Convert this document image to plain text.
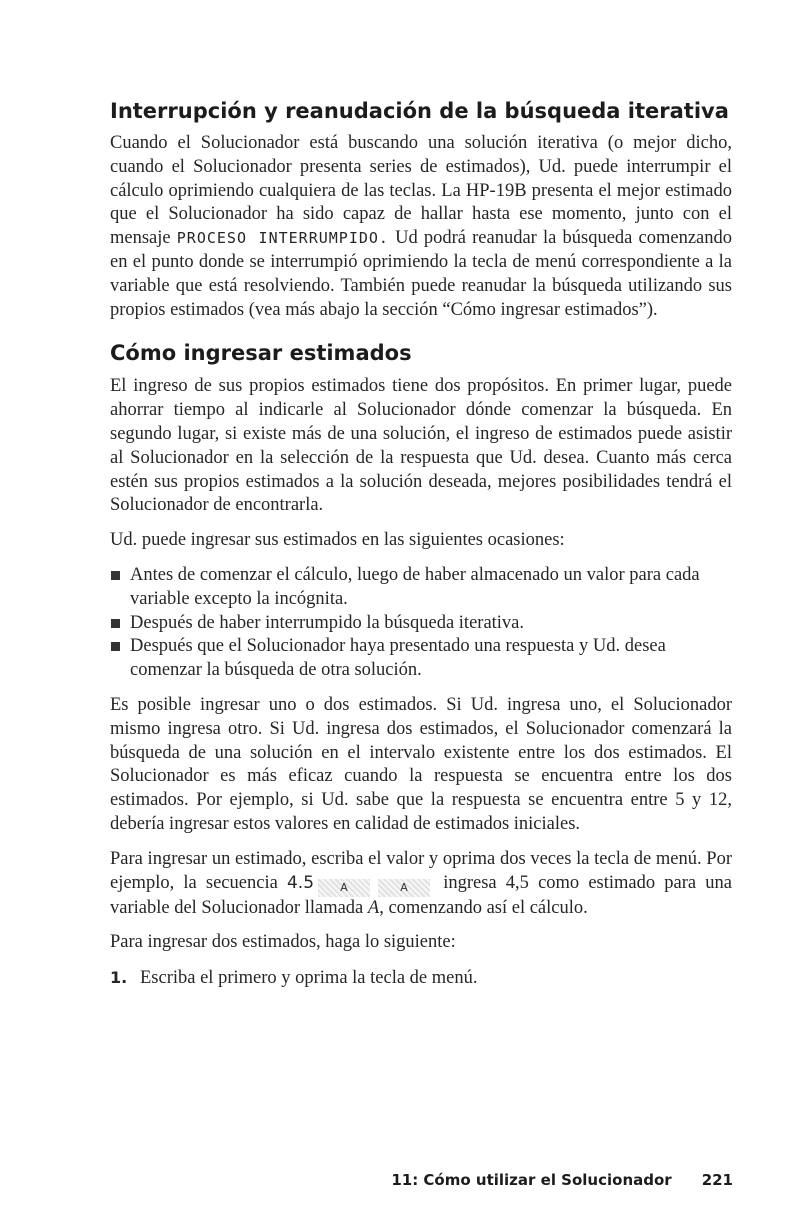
Interrupción y reanudación de la búsqueda iterativa

Cuando el Solucionador está buscando una solución iterativa (o mejor dicho, cuando el Solucionador presenta series de estimados), Ud. puede interrumpir el cálculo oprimiendo cualquiera de las teclas. La HP-19B presenta el mejor estimado que el Solucionador ha sido capaz de hallar hasta ese momento, junto con el mensaje PROCESO INTERRUMPIDO. Ud podrá reanudar la búsqueda comenzando en el punto donde se interrumpió oprimiendo la tecla de menú correspondiente a la variable que está resolviendo. También puede reanudar la búsqueda utilizando sus propios estimados (vea más abajo la sección “Cómo ingresar estimados”).

Cómo ingresar estimados

El ingreso de sus propios estimados tiene dos propósitos. En primer lugar, puede ahorrar tiempo al indicarle al Solucionador dónde comenzar la búsqueda. En segundo lugar, si existe más de una solución, el ingreso de estimados puede asistir al Solucionador en la selección de la respuesta que Ud. desea. Cuanto más cerca estén sus propios estimados a la solución deseada, mejores posibilidades tendrá el Solucionador de encontrarla.

Ud. puede ingresar sus estimados en las siguientes ocasiones:

Antes de comenzar el cálculo, luego de haber almacenado un valor para cada variable excepto la incógnita.
Después de haber interrumpido la búsqueda iterativa.
Después que el Solucionador haya presentado una respuesta y Ud. desea comenzar la búsqueda de otra solución.

Es posible ingresar uno o dos estimados. Si Ud. ingresa uno, el Solucionador mismo ingresa otro. Si Ud. ingresa dos estimados, el Solucionador comenzará la búsqueda de una solución en el intervalo existente entre los dos estimados. El Solucionador es más eficaz cuando la respuesta se encuentra entre los dos estimados. Por ejemplo, si Ud. sabe que la respuesta se encuentra entre 5 y 12, debería ingresar estos valores en calidad de estimados iniciales.

Para ingresar un estimado, escriba el valor y oprima dos veces la tecla de menú. Por ejemplo, la secuencia 4.5 A	A ingresa 4,5 como estimado para una variable del Solucionador llamada A, comenzando así el cálculo.

Para ingresar dos estimados, haga lo siguiente:

1. Escriba el primero y oprima la tecla de menú.

11: Cómo utilizar el Solucionador 221
